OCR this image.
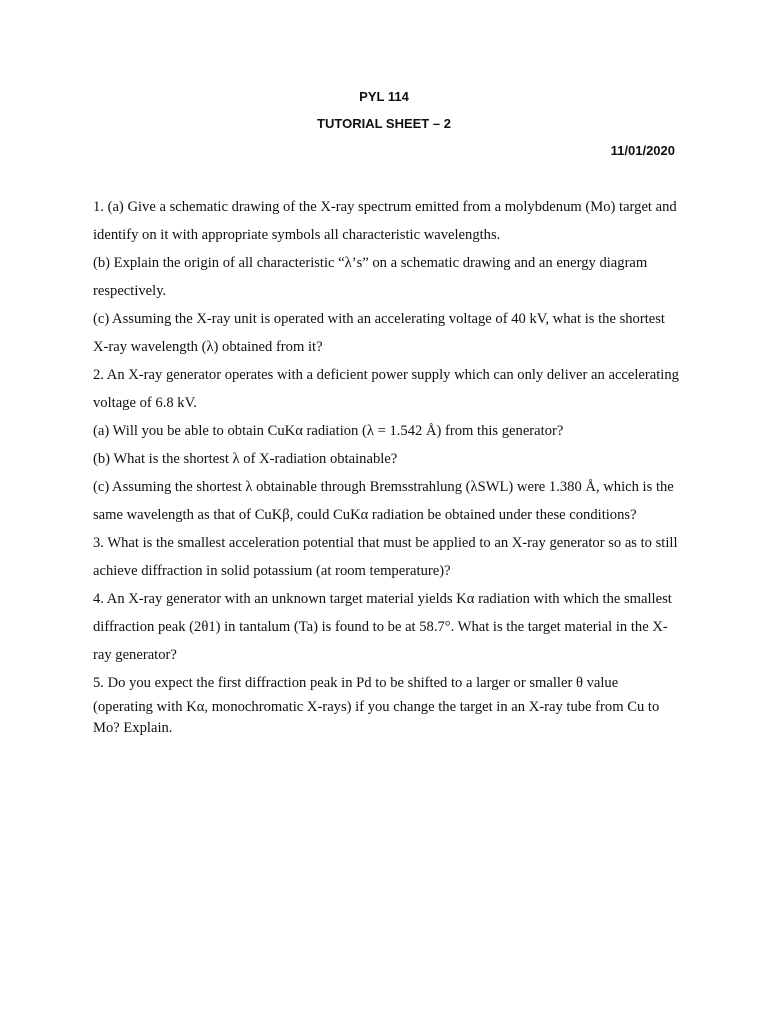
PYL 114
TUTORIAL SHEET – 2
11/01/2020

1. (a) Give a schematic drawing of the X-ray spectrum emitted from a molybdenum (Mo) target and identify on it with appropriate symbols all characteristic wavelengths.

(b) Explain the origin of all characteristic “λ’s” on a schematic drawing and an energy diagram respectively.

(c) Assuming the X-ray unit is operated with an accelerating voltage of 40 kV, what is the shortest X-ray wavelength (λ) obtained from it?

2. An X-ray generator operates with a deficient power supply which can only deliver an accelerating voltage of 6.8 kV.

(a) Will you be able to obtain CuKα radiation (λ = 1.542 Å) from this generator?

(b) What is the shortest λ of X-radiation obtainable?

(c) Assuming the shortest λ obtainable through Bremsstrahlung (λSWL) were 1.380 Å, which is the same wavelength as that of CuKβ, could CuKα radiation be obtained under these conditions?

3. What is the smallest acceleration potential that must be applied to an X-ray generator so as to still achieve diffraction in solid potassium (at room temperature)?

4. An X-ray generator with an unknown target material yields Kα radiation with which the smallest diffraction peak (2θ1) in tantalum (Ta) is found to be at 58.7°. What is the target material in the X-ray generator?

5. Do you expect the first diffraction peak in Pd to be shifted to a larger or smaller θ value

(operating with Kα, monochromatic X-rays) if you change the target in an X-ray tube from Cu to Mo? Explain.
